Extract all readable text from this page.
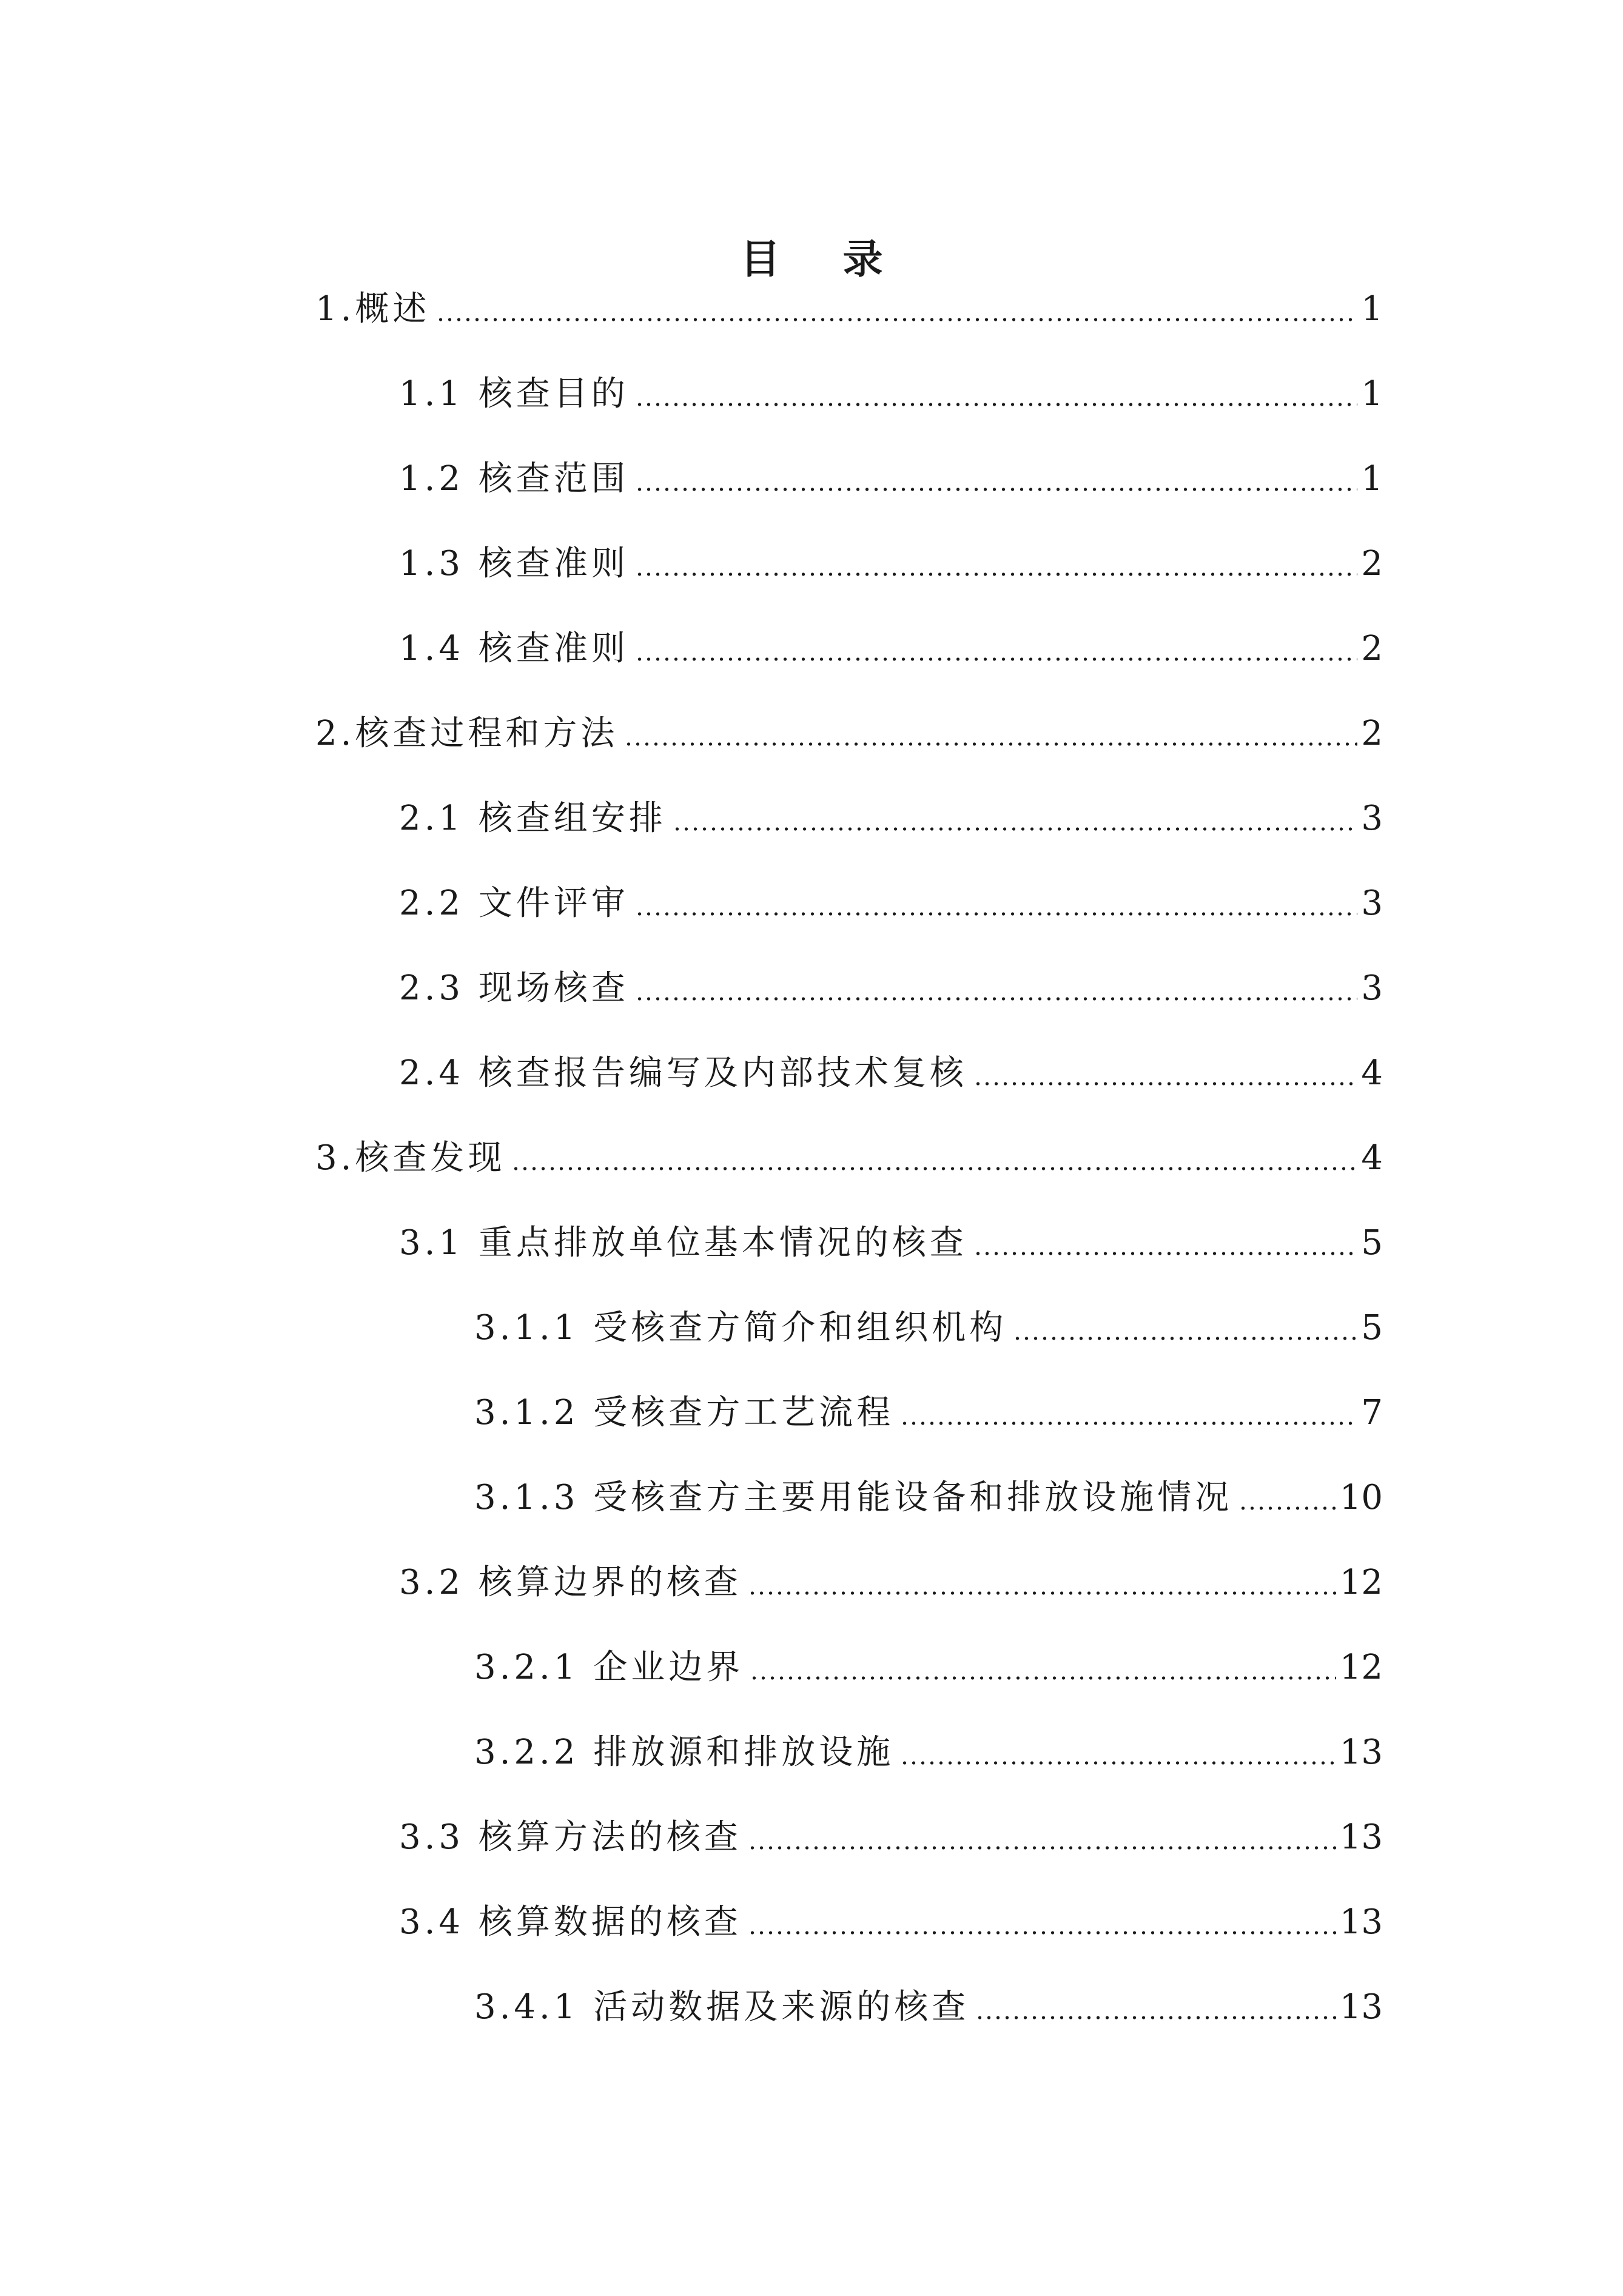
目 录
1.概述	1
1.1 核查目的	1
1.2 核查范围	1
1.3 核查准则	2
1.4 核查准则	2
2.核查过程和方法	2
2.1 核查组安排	3
2.2 文件评审	3
2.3 现场核查	3
2.4 核查报告编写及内部技术复核	4
3.核查发现	4
3.1 重点排放单位基本情况的核查	5
3.1.1 受核查方简介和组织机构	5
3.1.2 受核查方工艺流程	7
3.1.3 受核查方主要用能设备和排放设施情况	10
3.2 核算边界的核查	12
3.2.1 企业边界	12
3.2.2 排放源和排放设施	13
3.3 核算方法的核查	13
3.4 核算数据的核查	13
3.4.1 活动数据及来源的核查	13
